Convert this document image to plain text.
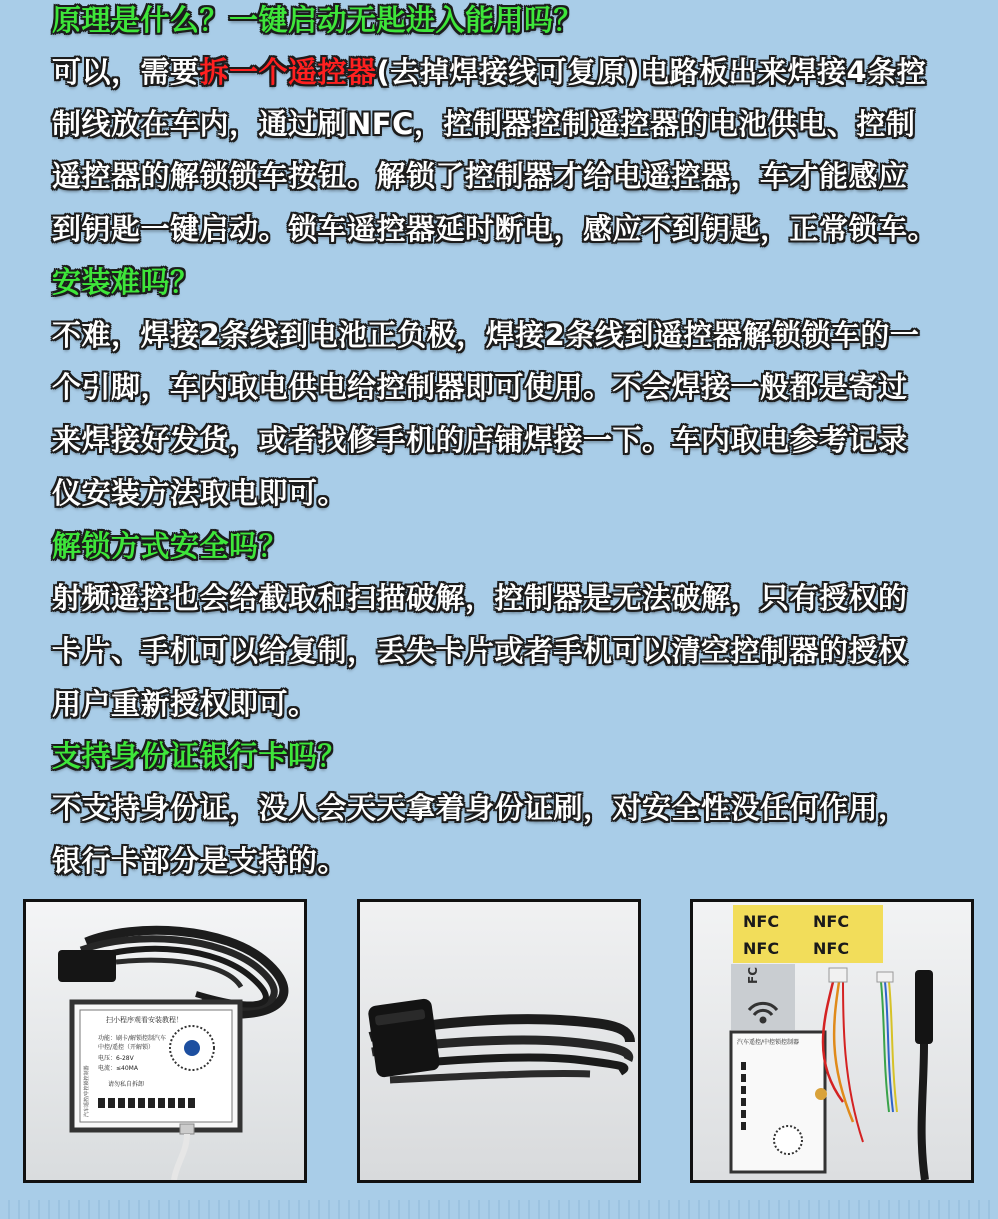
原理是什么？一键启动无匙进入能用吗？
可以，需要拆一个遥控器(去掉焊接线可复原)电路板出来焊接4条控
制线放在车内，通过刷NFC，控制器控制遥控器的电池供电、控制
遥控器的解锁锁车按钮。解锁了控制器才给电遥控器，车才能感应
到钥匙一键启动。锁车遥控器延时断电，感应不到钥匙，正常锁车。
安装难吗？
不难，焊接2条线到电池正负极，焊接2条线到遥控器解锁锁车的一
个引脚，车内取电供电给控制器即可使用。不会焊接一般都是寄过
来焊接好发货，或者找修手机的店铺焊接一下。车内取电参考记录
仪安装方法取电即可。
解锁方式安全吗？
射频遥控也会给截取和扫描破解，控制器是无法破解，只有授权的
卡片、手机可以给复制，丢失卡片或者手机可以清空控制器的授权
用户重新授权即可。
支持身份证银行卡吗？
不支持身份证，没人会天天拿着身份证刷，对安全性没任何作用，
银行卡部分是支持的。
扫小程序观看安装教程！
功能：刷卡/解锁控制汽车
中控/遥控（开解锁）
电压：6-28V
电流：≤40MA
请勿私自拆卸
汽车遥控/中控锁控制器
NFC NFC
NFC NFC
FC
汽车遥控/中控锁控制器
